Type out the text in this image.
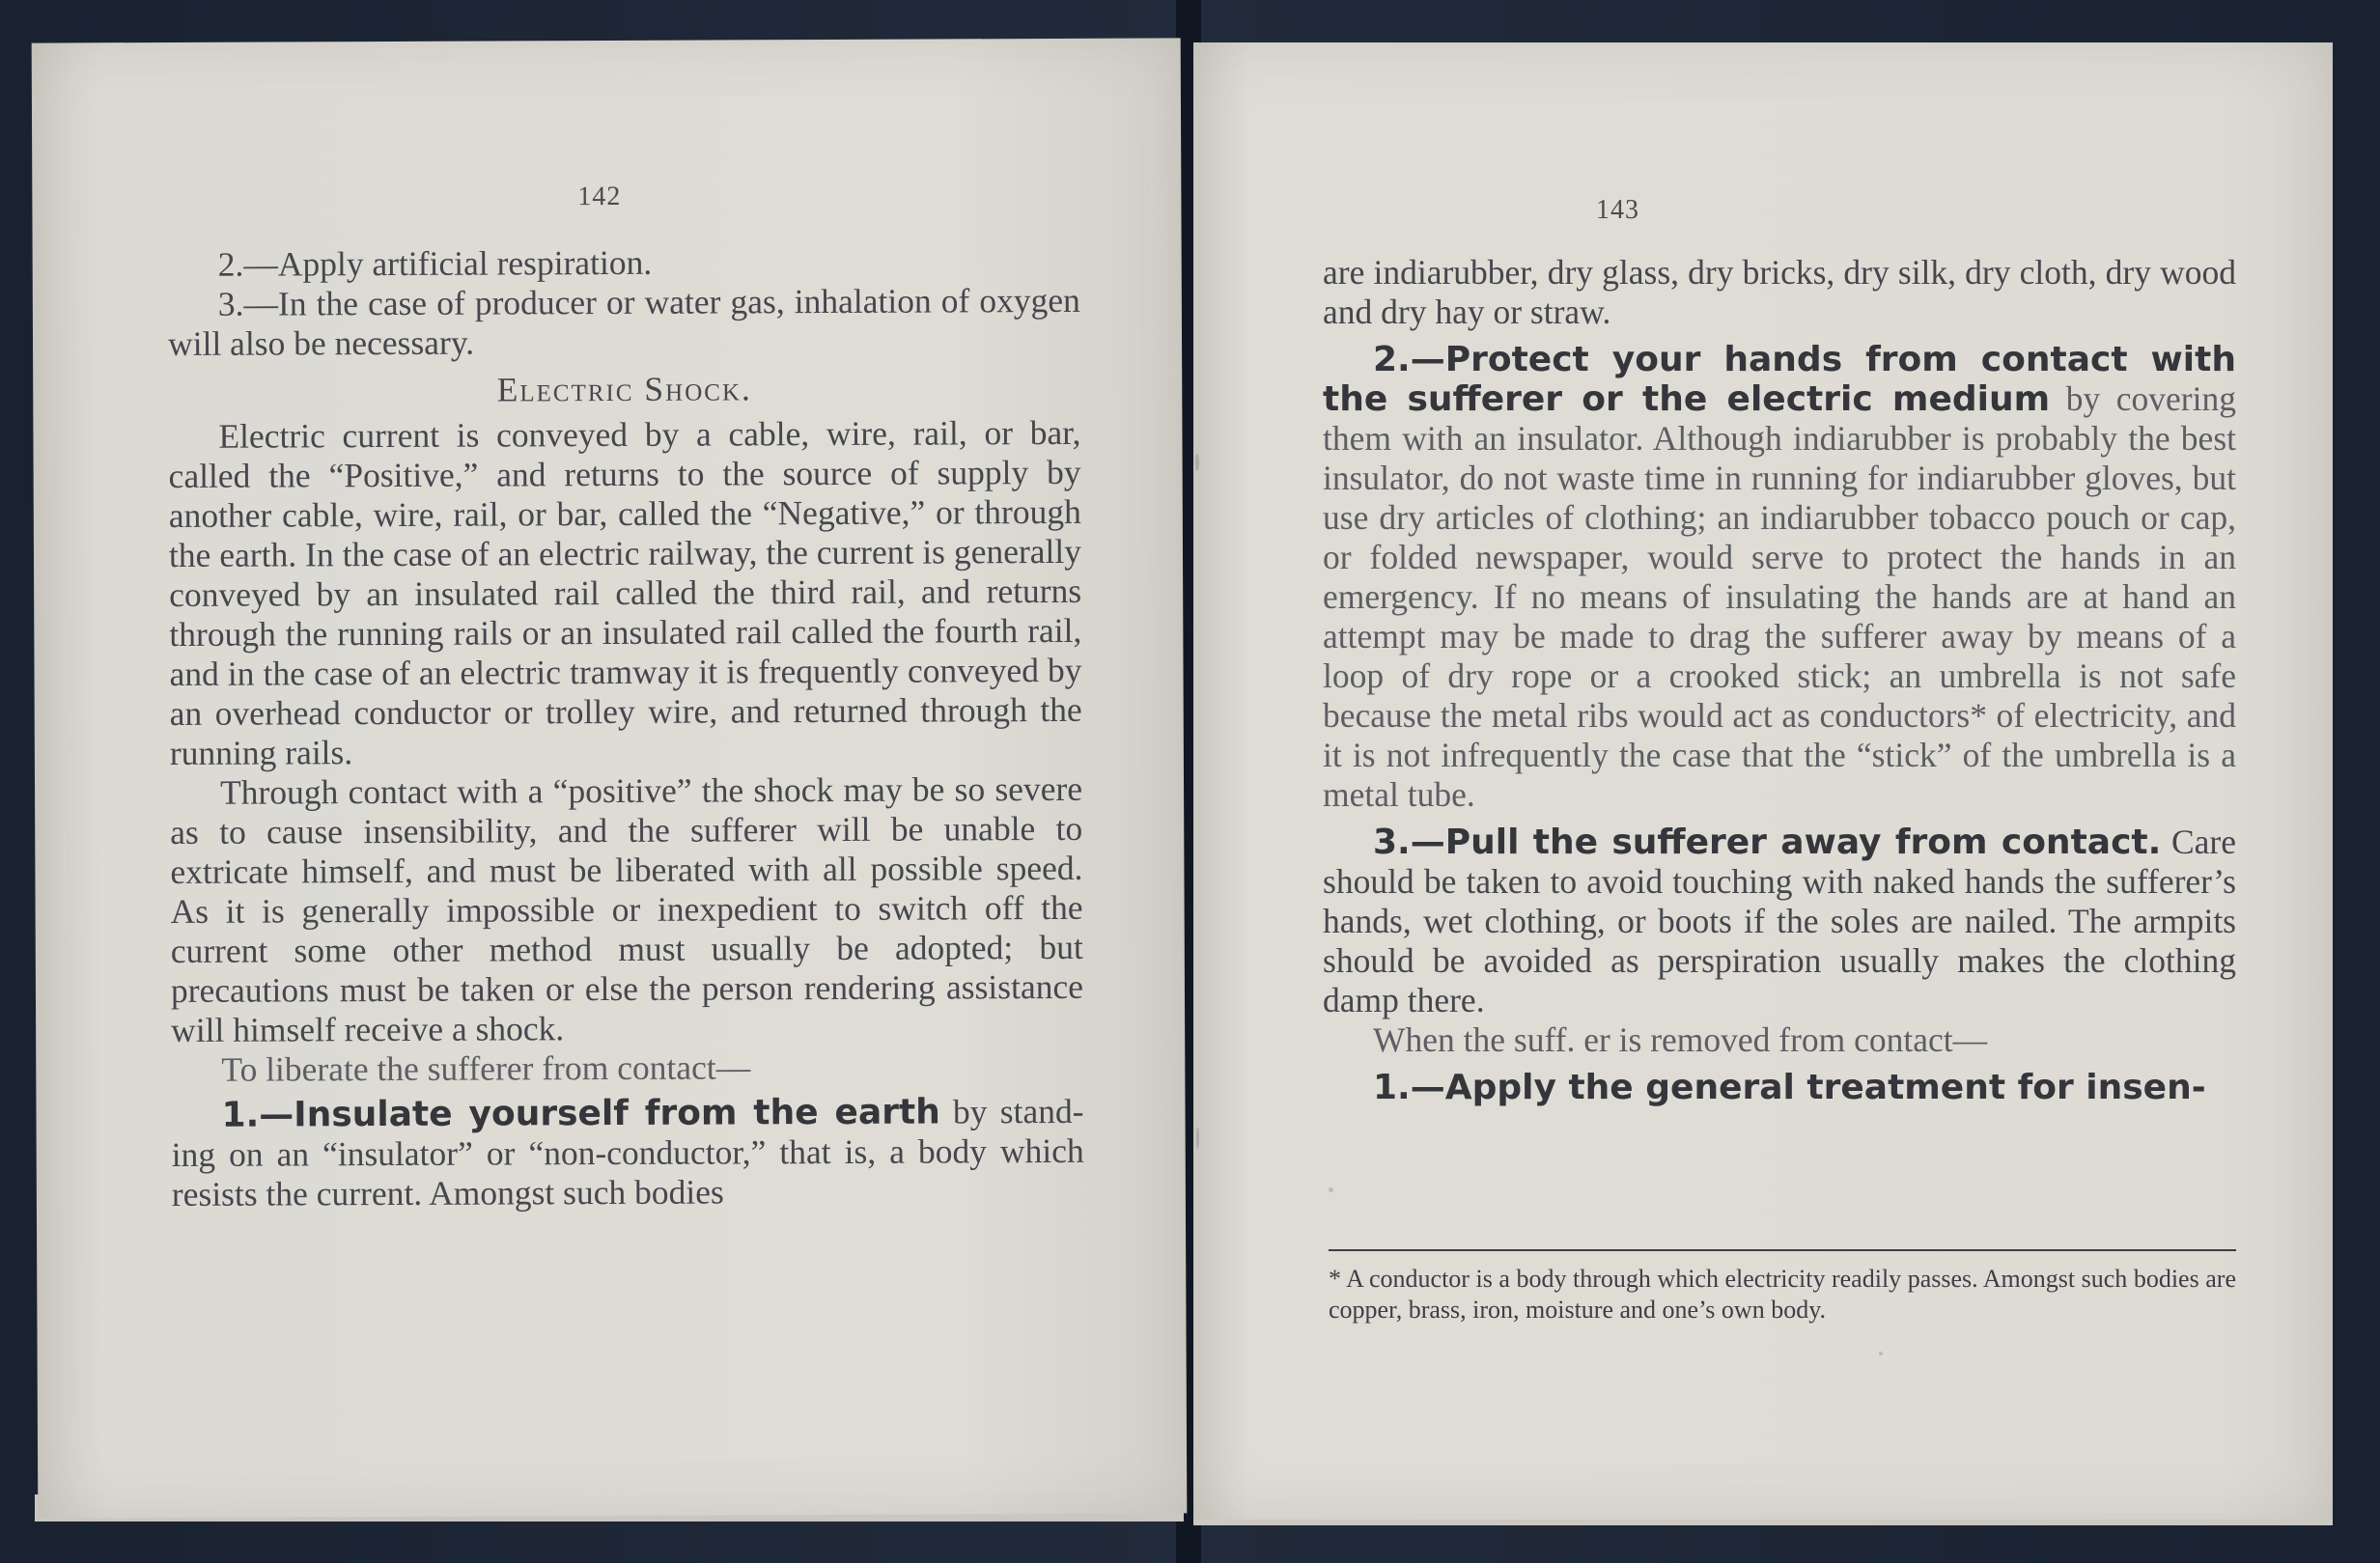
142

2.—Apply artificial respiration.

3.—In the case of producer or water gas, inhalation of oxygen will also be necessary.

Electric Shock.

Electric current is conveyed by a cable, wire, rail, or bar, called the “Positive,” and returns to the source of supply by another cable, wire, rail, or bar, called the “Negative,” or through the earth. In the case of an electric railway, the current is generally conveyed by an insulated rail called the third rail, and returns through the running rails or an insulated rail called the fourth rail, and in the case of an electric tramway it is frequently conveyed by an overhead conductor or trolley wire, and returned through the running rails.

Through contact with a “positive” the shock may be so severe as to cause insensibility, and the sufferer will be unable to extricate himself, and must be liberated with all possible speed. As it is generally impossible or inexpedient to switch off the current some other method must usually be adopted; but precautions must be taken or else the person rendering assistance will himself receive a shock.

To liberate the sufferer from contact—

1.—Insulate yourself from the earth by standing on an “insulator” or “non-conductor,” that is, a body which resists the current. Amongst such bodies

143

are indiarubber, dry glass, dry bricks, dry silk, dry cloth, dry wood and dry hay or straw.

2.—Protect your hands from contact with the sufferer or the electric medium by covering them with an insulator. Although indiarubber is probably the best insulator, do not waste time in running for indiarubber gloves, but use dry articles of clothing; an indiarubber tobacco pouch or cap, or folded newspaper, would serve to protect the hands in an emergency. If no means of insulating the hands are at hand an attempt may be made to drag the sufferer away by means of a loop of dry rope or a crooked stick; an umbrella is not safe because the metal ribs would act as conductors* of electricity, and it is not infrequently the case that the “stick” of the umbrella is a metal tube.

3.—Pull the sufferer away from contact. Care should be taken to avoid touching with naked hands the sufferer’s hands, wet clothing, or boots if the soles are nailed. The armpits should be avoided as perspiration usually makes the clothing damp there.

When the suff. er is removed from contact—

1.—Apply the general treatment for insen-

* A conductor is a body through which electricity readily passes. Amongst such bodies are copper, brass, iron, moisture and one’s own body.
